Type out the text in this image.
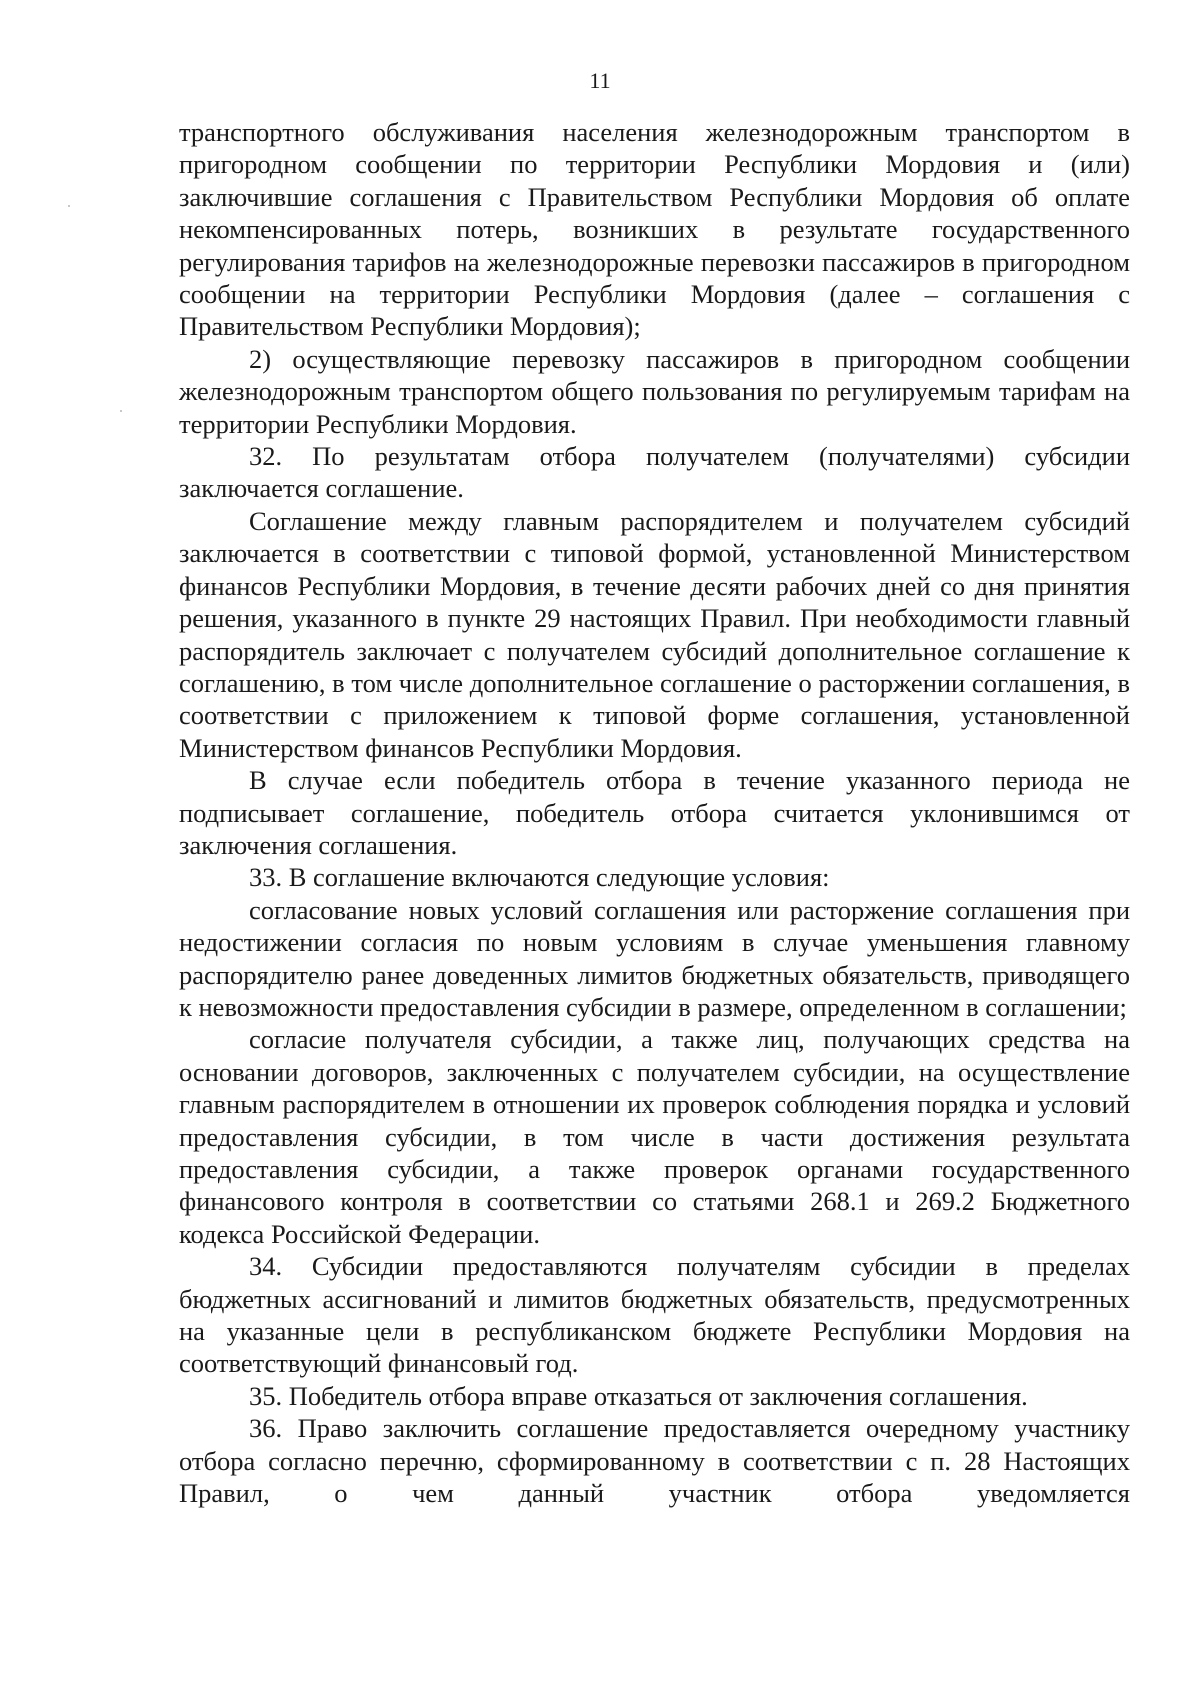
11

транспортного обслуживания населения железнодорожным транспортом в пригородном сообщении по территории Республики Мордовия и (или) заключившие соглашения с Правительством Республики Мордовия об оплате некомпенсированных потерь, возникших в результате государственного регулирования тарифов на железнодорожные перевозки пассажиров в пригородном сообщении на территории Республики Мордовия (далее – соглашения с Правительством Республики Мордовия);

2) осуществляющие перевозку пассажиров в пригородном сообщении железнодорожным транспортом общего пользования по регулируемым тарифам на территории Республики Мордовия.

32. По результатам отбора получателем (получателями) субсидии заключается соглашение.

Соглашение между главным распорядителем и получателем субсидий заключается в соответствии с типовой формой, установленной Министерством финансов Республики Мордовия, в течение десяти рабочих дней со дня принятия решения, указанного в пункте 29 настоящих Правил. При необходимости главный распорядитель заключает с получателем субсидий дополнительное соглашение к соглашению, в том числе дополнительное соглашение о расторжении соглашения, в соответствии с приложением к типовой форме соглашения, установленной Министерством финансов Республики Мордовия.

В случае если победитель отбора в течение указанного периода не подписывает соглашение, победитель отбора считается уклонившимся от заключения соглашения.

33. В соглашение включаются следующие условия:

согласование новых условий соглашения или расторжение соглашения при недостижении согласия по новым условиям в случае уменьшения главному распорядителю ранее доведенных лимитов бюджетных обязательств, приводящего к невозможности предоставления субсидии в размере, определенном в соглашении;

согласие получателя субсидии, а также лиц, получающих средства на основании договоров, заключенных с получателем субсидии, на осуществление главным распорядителем в отношении их проверок соблюдения порядка и условий предоставления субсидии, в том числе в части достижения результата предоставления субсидии, а также проверок органами государственного финансового контроля в соответствии со статьями 268.1 и 269.2 Бюджетного кодекса Российской Федерации.

34. Субсидии предоставляются получателям субсидии в пределах бюджетных ассигнований и лимитов бюджетных обязательств, предусмотренных на указанные цели в республиканском бюджете Республики Мордовия на соответствующий финансовый год.

35. Победитель отбора вправе отказаться от заключения соглашения.

36. Право заключить соглашение предоставляется очередному участнику отбора согласно перечню, сформированному в соответствии с п. 28 Настоящих Правил, о чем данный участник отбора уведомляется
